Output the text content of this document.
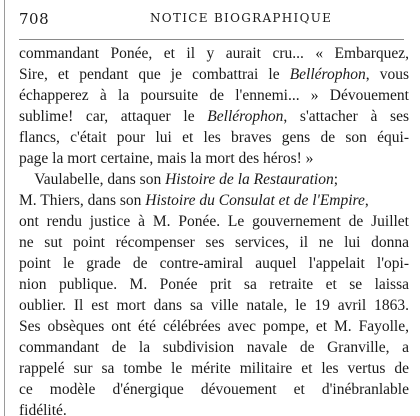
708	NOTICE BIOGRAPHIQUE
commandant Ponée, et il y aurait cru... « Embarquez,
Sire, et pendant que je combattrai le Bellérophon, vous
échapperez à la poursuite de l'ennemi... » Dévouement
sublime! car, attaquer le Bellérophon, s'attacher à ses
flancs, c'était pour lui et les braves gens de son équi-
page la mort certaine, mais la mort des héros! »
Vaulabelle, dans son Histoire de la Restauration;
M. Thiers, dans son Histoire du Consulat et de l'Empire,
ont rendu justice à M. Ponée. Le gouvernement de Juillet
ne sut point récompenser ses services, il ne lui donna
point le grade de contre-amiral auquel l'appelait l'opi-
nion publique. M. Ponée prit sa retraite et se laissa
oublier. Il est mort dans sa ville natale, le 19 avril 1863.
Ses obsèques ont été célébrées avec pompe, et M. Fayolle,
commandant de la subdivision navale de Granville, a
rappelé sur sa tombe le mérite militaire et les vertus de
ce modèle d'énergique dévouement et d'inébranlable
fidélité.
